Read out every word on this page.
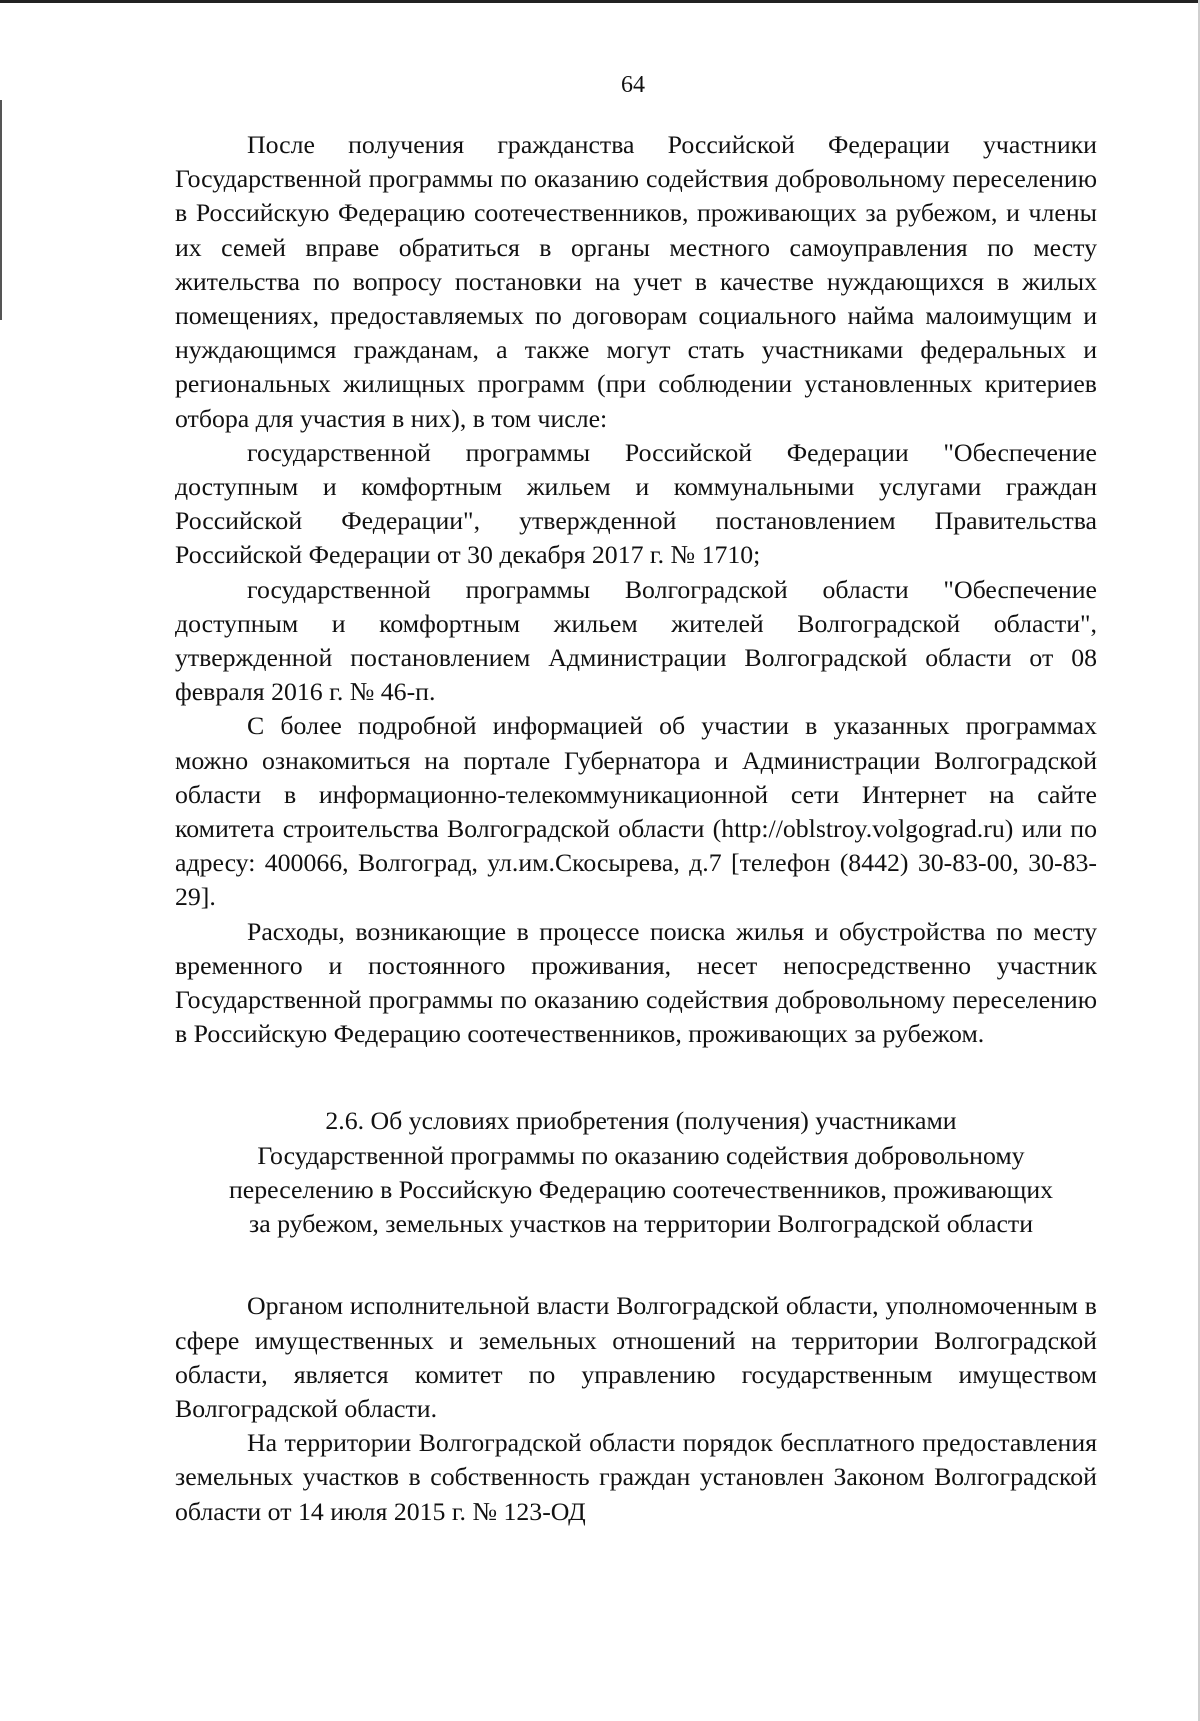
64

После получения гражданства Российской Федерации участники Государственной программы по оказанию содействия добровольному переселению в Российскую Федерацию соотечественников, проживающих за рубежом, и члены их семей вправе обратиться в органы местного самоуправления по месту жительства по вопросу постановки на учет в качестве нуждающихся в жилых помещениях, предоставляемых по договорам социального найма малоимущим и нуждающимся гражданам, а также могут стать участниками федеральных и региональных жилищных программ (при соблюдении установленных критериев отбора для участия в них), в том числе:

государственной программы Российской Федерации "Обеспечение доступным и комфортным жильем и коммунальными услугами граждан Российской Федерации", утвержденной постановлением Правительства Российской Федерации от 30 декабря 2017 г. № 1710;

государственной программы Волгоградской области "Обеспечение доступным и комфортным жильем жителей Волгоградской области", утвержденной постановлением Администрации Волгоградской области от 08 февраля 2016 г. № 46-п.

С более подробной информацией об участии в указанных программах можно ознакомиться на портале Губернатора и Администрации Волгоградской области в информационно-телекоммуникационной сети Интернет на сайте комитета строительства Волгоградской области (http://oblstroy.volgograd.ru) или по адресу: 400066, Волгоград, ул.им.Скосырева, д.7 [телефон (8442) 30-83-00, 30-83-29].

Расходы, возникающие в процессе поиска жилья и обустройства по месту временного и постоянного проживания, несет непосредственно участник Государственной программы по оказанию содействия добровольному переселению в Российскую Федерацию соотечественников, проживающих за рубежом.

2.6. Об условиях приобретения (получения) участниками
Государственной программы по оказанию содействия добровольному
переселению в Российскую Федерацию соотечественников, проживающих
за рубежом, земельных участков на территории Волгоградской области

Органом исполнительной власти Волгоградской области, уполномоченным в сфере имущественных и земельных отношений на территории Волгоградской области, является комитет по управлению государственным имуществом Волгоградской области.

На территории Волгоградской области порядок бесплатного предоставления земельных участков в собственность граждан установлен Законом Волгоградской области от 14 июля 2015 г. № 123-ОД
